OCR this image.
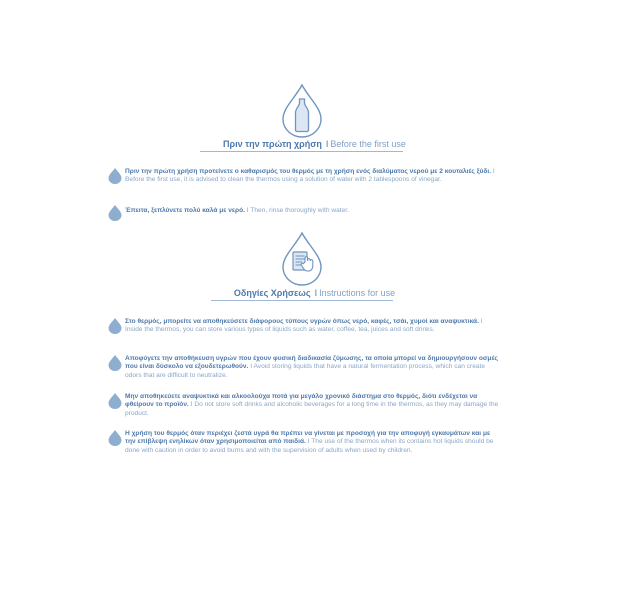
Πριν την πρώτη χρήση I Before the first use
Πριν την πρώτη χρήση προτείνετε ο καθαρισμός του θερμός με τη χρήση ενός διαλύματος νερού με 2 κουταλιές ξύδι. I Before the first use, it is advised to clean the thermos using a solution of water with 2 tablespoons of vinegar.
Έπειτα, ξεπλύνετε πολύ καλά με νερό. I Then, rinse thoroughly with water.
Οδηγίες Χρήσεως I Instructions for use
Στο θερμός, μπορείτε να αποθηκεύσετε διάφορους τύπους υγρών όπως νερό, καφές, τσάι, χυμοί και αναψυκτικά. I Inside the thermos, you can store various types of liquids such as water, coffee, tea, juices and soft drinks.
Αποφύγετε την αποθήκευση υγρών που έχουν φυσική διαδικασία ζύμωσης, τα οποία μπορεί να δημιουργήσουν οσμές που είναι δύσκολο να εξουδετερωθούν. I Avoid storing liquids that have a natural fermentation process, which can create odors that are difficult to neutralize.
Μην αποθηκεύετε αναψυκτικά και αλκοολούχα ποτά για μεγάλο χρονικό διάστημα στο θερμός, διότι ενδέχεται να φθείρουν το προϊόν. I Do not store soft drinks and alcoholic beverages for a long time in the thermos, as they may damage the product.
Η χρήση του θερμός όταν περιέχει ζεστά υγρά θα πρέπει να γίνεται με προσοχή για την αποφυγή εγκαυμάτων και με την επίβλεψη ενηλίκων όταν χρησιμοποιείται από παιδιά. I The use of the thermos when its contains hot liquids should be done with caution in order to avoid burns and with the supervision of adults when used by children.
